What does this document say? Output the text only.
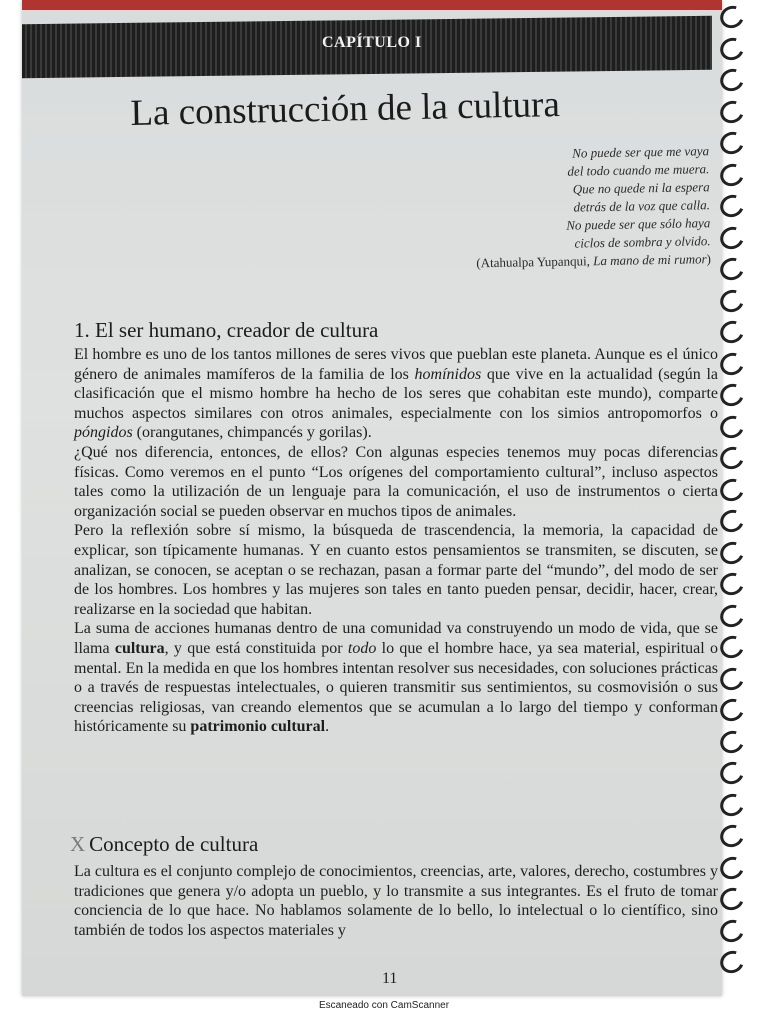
CAPÍTULO I
La construcción de la cultura
No puede ser que me vaya
del todo cuando me muera.
Que no quede ni la espera
detrás de la voz que calla.
No puede ser que sólo haya
ciclos de sombra y olvido.
(Atahualpa Yupanqui, La mano de mi rumor)
1. El ser humano, creador de cultura

El hombre es uno de los tantos millones de seres vivos que pueblan este planeta. Aunque es el único género de animales mamíferos de la familia de los homínidos que vive en la actualidad (según la clasificación que el mismo hombre ha hecho de los seres que cohabitan este mundo), comparte muchos aspectos similares con otros animales, especialmente con los simios antropomorfos o póngidos (orangutanes, chimpancés y gorilas).

¿Qué nos diferencia, entonces, de ellos? Con algunas especies tenemos muy pocas diferencias físicas. Como veremos en el punto “Los orígenes del comportamiento cultural”, incluso aspectos tales como la utilización de un lenguaje para la comunicación, el uso de instrumentos o cierta organización social se pueden observar en muchos tipos de animales.

Pero la reflexión sobre sí mismo, la búsqueda de trascendencia, la memoria, la capacidad de explicar, son típicamente humanas. Y en cuanto estos pensamientos se transmiten, se discuten, se analizan, se conocen, se aceptan o se rechazan, pasan a formar parte del “mundo”, del modo de ser de los hombres. Los hombres y las mujeres son tales en tanto pueden pensar, decidir, hacer, crear, realizarse en la sociedad que habitan.

La suma de acciones humanas dentro de una comunidad va construyendo un modo de vida, que se llama cultura, y que está constituida por todo lo que el hombre hace, ya sea material, espiritual o mental. En la medida en que los hombres intentan resolver sus necesidades, con soluciones prácticas o a través de respuestas intelectuales, o quieren transmitir sus sentimientos, su cosmovisión o sus creencias religiosas, van creando elementos que se acumulan a lo largo del tiempo y conforman históricamente su patrimonio cultural.

X Concepto de cultura

La cultura es el conjunto complejo de conocimientos, creencias, arte, valores, derecho, costumbres y tradiciones que genera y/o adopta un pueblo, y lo transmite a sus integrantes. Es el fruto de tomar conciencia de lo que hace. No hablamos solamente de lo bello, lo intelectual o lo científico, sino también de todos los aspectos materiales y

11
Escaneado con CamScanner
